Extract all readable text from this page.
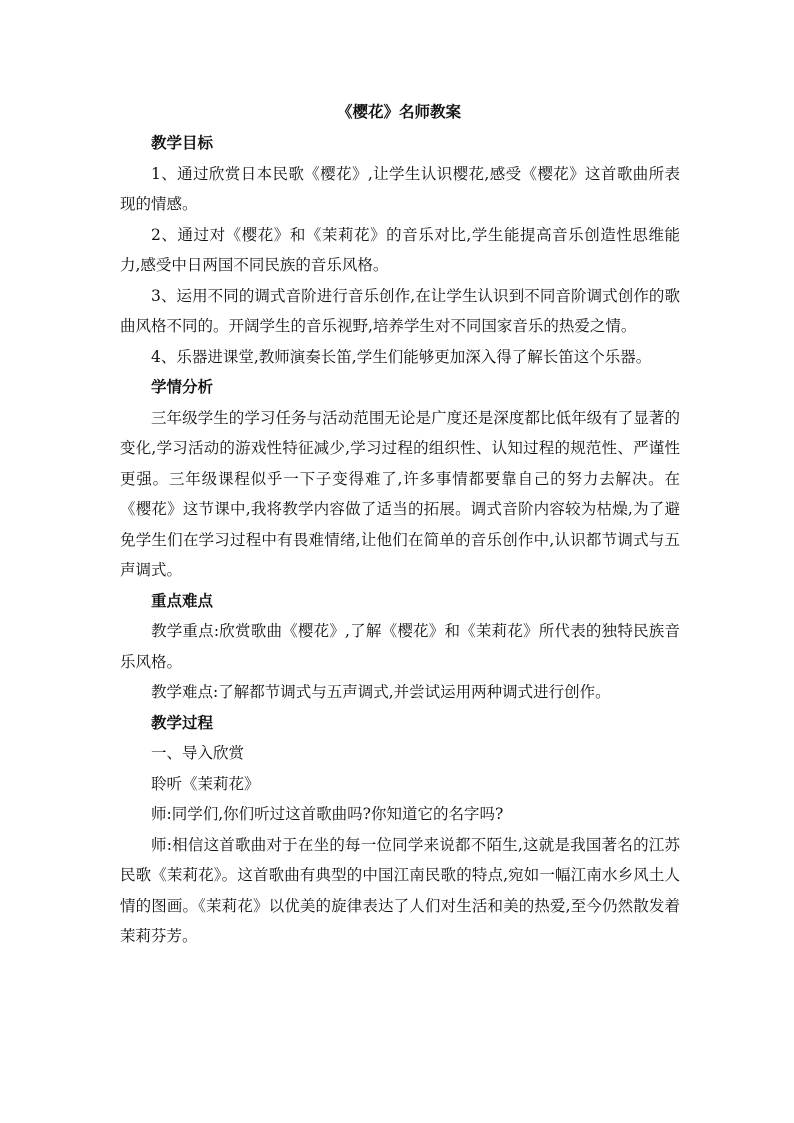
《樱花》名师教案

教学目标

1、通过欣赏日本民歌《樱花》,让学生认识樱花,感受《樱花》这首歌曲所表现的情感。

2、通过对《樱花》和《茉莉花》的音乐对比,学生能提高音乐创造性思维能力,感受中日两国不同民族的音乐风格。

3、运用不同的调式音阶进行音乐创作,在让学生认识到不同音阶调式创作的歌曲风格不同的。开阔学生的音乐视野,培养学生对不同国家音乐的热爱之情。

4、乐器进课堂,教师演奏长笛,学生们能够更加深入得了解长笛这个乐器。

学情分析

三年级学生的学习任务与活动范围无论是广度还是深度都比低年级有了显著的变化,学习活动的游戏性特征减少,学习过程的组织性、认知过程的规范性、严谨性更强。三年级课程似乎一下子变得难了,许多事情都要靠自己的努力去解决。在《樱花》这节课中,我将教学内容做了适当的拓展。调式音阶内容较为枯燥,为了避免学生们在学习过程中有畏难情绪,让他们在简单的音乐创作中,认识都节调式与五声调式。

重点难点

教学重点:欣赏歌曲《樱花》,了解《樱花》和《茉莉花》所代表的独特民族音乐风格。

教学难点:了解都节调式与五声调式,并尝试运用两种调式进行创作。

教学过程

一、导入欣赏

聆听《茉莉花》

师:同学们,你们听过这首歌曲吗?你知道它的名字吗?

师:相信这首歌曲对于在坐的每一位同学来说都不陌生,这就是我国著名的江苏民歌《茉莉花》。这首歌曲有典型的中国江南民歌的特点,宛如一幅江南水乡风土人情的图画。《茉莉花》以优美的旋律表达了人们对生活和美的热爱,至今仍然散发着茉莉芬芳。
